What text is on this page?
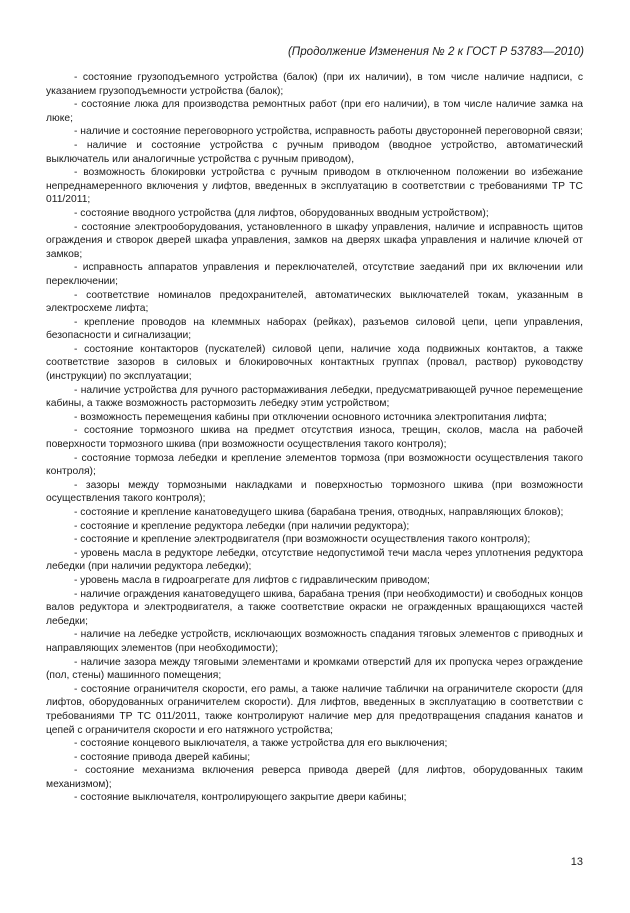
(Продолжение Изменения № 2 к ГОСТ Р 53783—2010)

- состояние грузоподъемного устройства (балок) (при их наличии), в том числе наличие надписи, с указанием грузоподъемности устройства (балок);

- состояние люка для производства ремонтных работ (при его наличии), в том числе наличие замка на люке;

- наличие и состояние переговорного устройства, исправность работы двусторонней переговорной связи;

- наличие и состояние устройства с ручным приводом (вводное устройство, автоматический выключатель или аналогичные устройства с ручным приводом),

- возможность блокировки устройства с ручным приводом в отключенном положении во избежание непреднамеренного включения у лифтов, введенных в эксплуатацию в соответствии с требованиями ТР ТС 011/2011;

- состояние вводного устройства (для лифтов, оборудованных вводным устройством);

- состояние электрооборудования, установленного в шкафу управления, наличие и исправность щитов ограждения и створок дверей шкафа управления, замков на дверях шкафа управления и наличие ключей от замков;

- исправность аппаратов управления и переключателей, отсутствие заеданий при их включении или переключении;

- соответствие номиналов предохранителей, автоматических выключателей токам, указанным в электросхеме лифта;

- крепление проводов на клеммных наборах (рейках), разъемов силовой цепи, цепи управления, безопасности и сигнализации;

- состояние контакторов (пускателей) силовой цепи, наличие хода подвижных контактов, а также соответствие зазоров в силовых и блокировочных контактных группах (провал, раствор) руководству (инструкции) по эксплуатации;

- наличие устройства для ручного растормаживания лебедки, предусматривающей ручное перемещение кабины, а также возможность растормозить лебедку этим устройством;

- возможность перемещения кабины при отключении основного источника электропитания лифта;

- состояние тормозного шкива на предмет отсутствия износа, трещин, сколов, масла на рабочей поверхности тормозного шкива (при возможности осуществления такого контроля);

- состояние тормоза лебедки и крепление элементов тормоза (при возможности осуществления такого контроля);

- зазоры между тормозными накладками и поверхностью тормозного шкива (при возможности осуществления такого контроля);

- состояние и крепление канатоведущего шкива (барабана трения, отводных, направляющих блоков);

- состояние и крепление редуктора лебедки (при наличии редуктора);

- состояние и крепление электродвигателя (при возможности осуществления такого контроля);

- уровень масла в редукторе лебедки, отсутствие недопустимой течи масла через уплотнения редуктора лебедки (при наличии редуктора лебедки);

- уровень масла в гидроагрегате для лифтов с гидравлическим приводом;

- наличие ограждения канатоведущего шкива, барабана трения (при необходимости) и свободных концов валов редуктора и электродвигателя, а также соответствие окраски не огражденных вращающихся частей лебедки;

- наличие на лебедке устройств, исключающих возможность спадания тяговых элементов с приводных и направляющих элементов (при необходимости);

- наличие зазора между тяговыми элементами и кромками отверстий для их пропуска через ограждение (пол, стены) машинного помещения;

- состояние ограничителя скорости, его рамы, а также наличие таблички на ограничителе скорости (для лифтов, оборудованных ограничителем скорости). Для лифтов, введенных в эксплуатацию в соответствии с требованиями ТР ТС 011/2011, также контролируют наличие мер для предотвращения спадания канатов и цепей с ограничителя скорости и его натяжного устройства;

- состояние концевого выключателя, а также устройства для его выключения;

- состояние привода дверей кабины;

- состояние механизма включения реверса привода дверей (для лифтов, оборудованных таким механизмом);

- состояние выключателя, контролирующего закрытие двери кабины;

13
